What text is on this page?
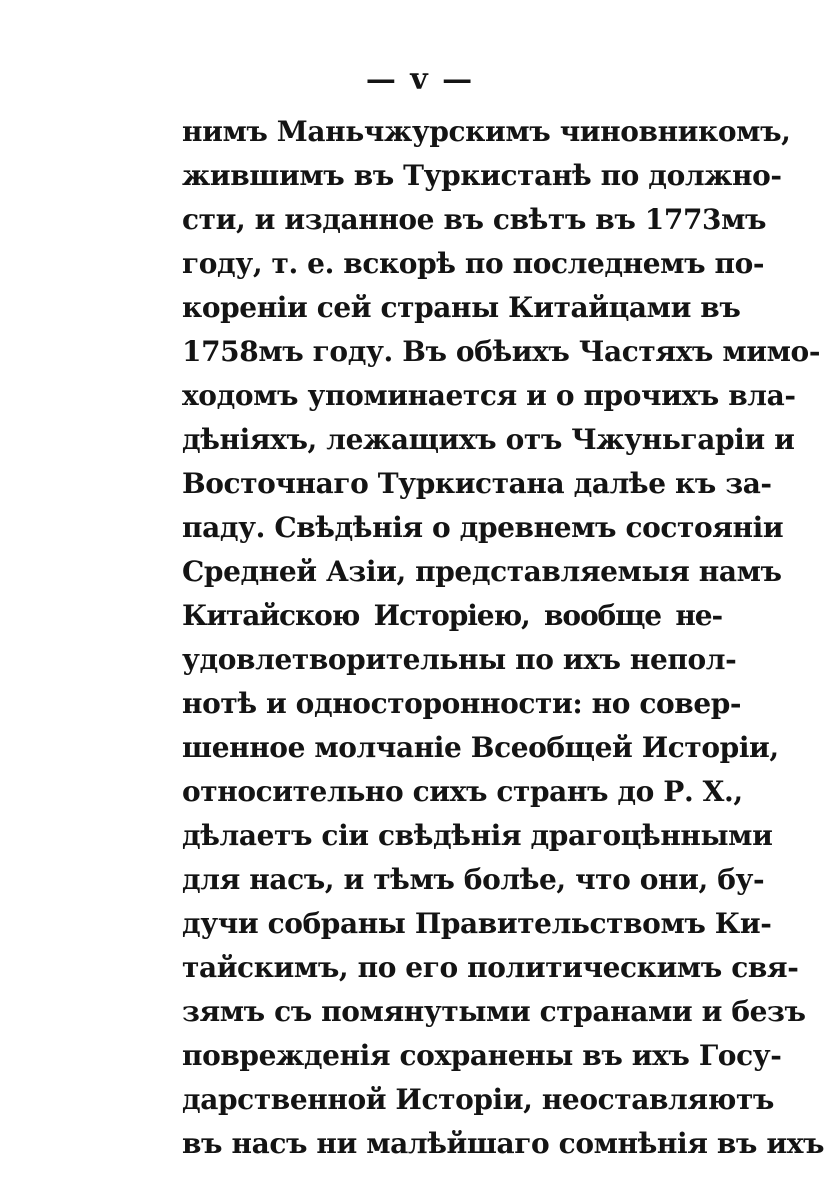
— v —
нимъ Маньчжурскимъ чиновникомъ,
жившимъ въ Туркистанѣ по должно-
сти, и изданное въ свѣтъ въ 1773мъ
году, т. е. вскорѣ по последнемъ по-
кореніи сей страны Китайцами въ
1758мъ году. Въ обѣихъ Частяхъ мимо-
ходомъ упоминается и о прочихъ вла-
дѣніяхъ, лежащихъ отъ Чжуньгаріи и
Восточнаго Туркистана далѣе къ за-
паду. Свѣдѣнія о древнемъ состояніи
Средней Азіи, представляемыя намъ
Китайскою Исторіею, вообще не-
удовлетворительны по ихъ непол-
нотѣ и односторонности: но совер-
шенное молчаніе Всеобщей Исторіи,
относительно сихъ странъ до Р. Х.,
дѣлаетъ сіи свѣдѣнія драгоцѣнными
для насъ, и тѣмъ болѣе, что они, бу-
дучи собраны Правительствомъ Ки-
тайскимъ, по его политическимъ свя-
зямъ съ помянутыми странами и безъ
поврежденія сохранены въ ихъ Госу-
дарственной Исторіи, неоставляютъ
въ насъ ни малѣйшаго сомнѣнія въ ихъ
